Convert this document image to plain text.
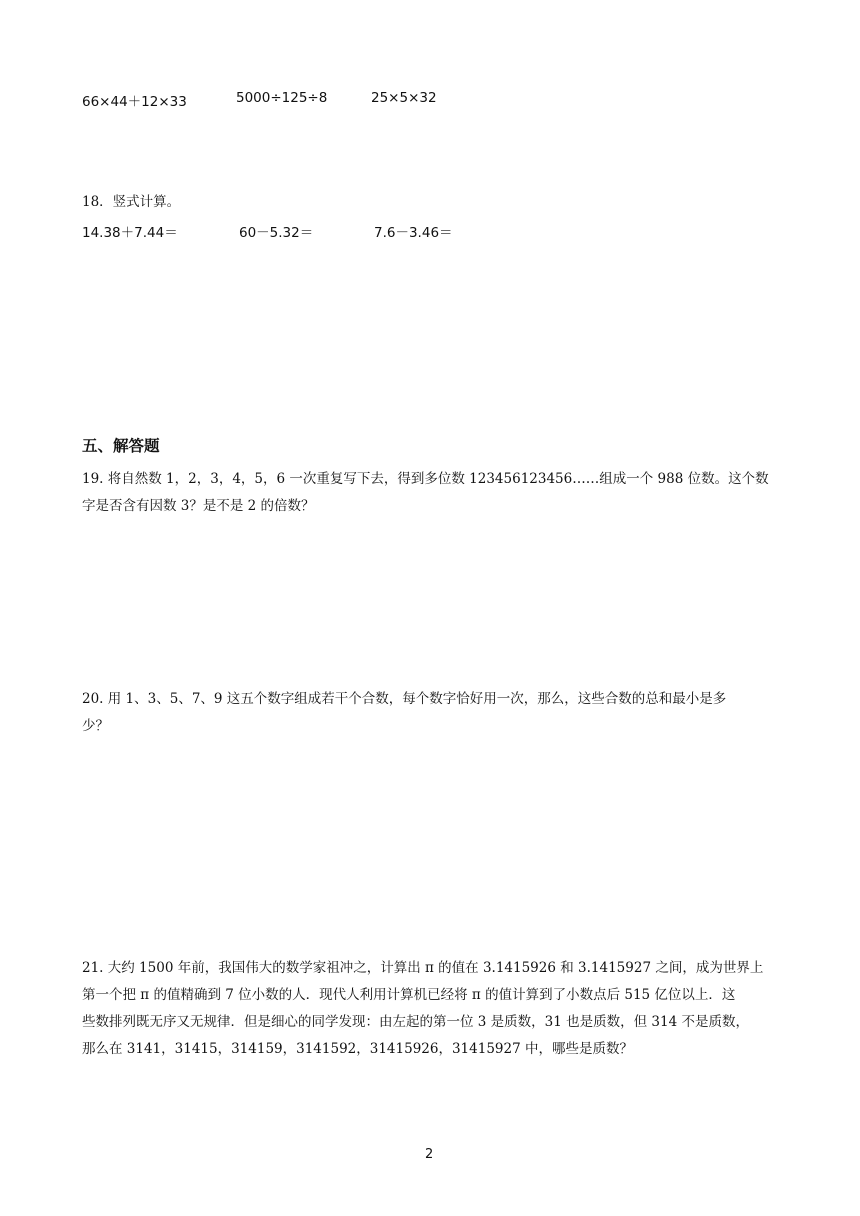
66×44＋12×33	5000÷125÷8	25×5×32
18．竖式计算。
14.38＋7.44＝	60－5.32＝	7.6－3.46＝
五、解答题
19. 将自然数 1，2，3，4，5，6 一次重复写下去，得到多位数 123456123456……组成一个 988 位数。这个数
字是否含有因数 3？是不是 2 的倍数？
20. 用 1、3、5、7、9 这五个数字组成若干个合数，每个数字恰好用一次，那么，这些合数的总和最小是多
少？
21. 大约 1500 年前，我国伟大的数学家祖冲之，计算出 π 的值在 3.1415926 和 3.1415927 之间，成为世界上
第一个把 π 的值精确到 7 位小数的人．现代人利用计算机已经将 π 的值计算到了小数点后 515 亿位以上．这
些数排列既无序又无规律．但是细心的同学发现：由左起的第一位 3 是质数，31 也是质数，但 314 不是质数，
那么在 3141，31415，314159，3141592，31415926，31415927 中，哪些是质数？
2
